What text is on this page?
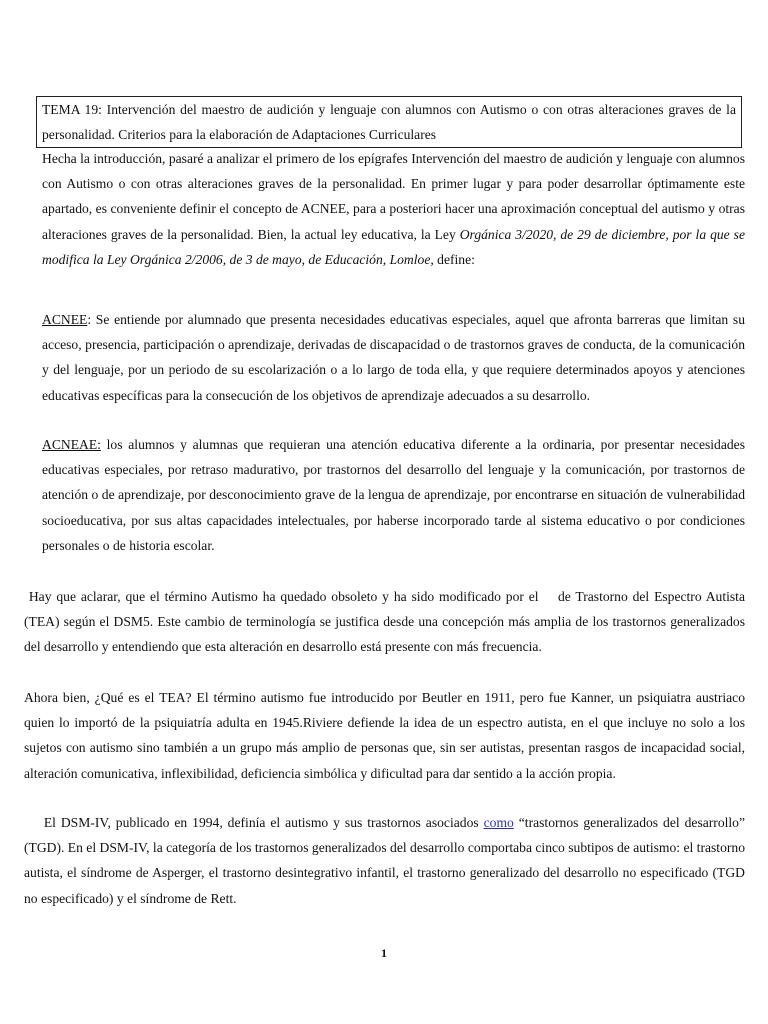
TEMA 19: Intervención del maestro de audición y lenguaje con alumnos con Autismo o con otras alteraciones graves de la personalidad. Criterios para la elaboración de Adaptaciones Curriculares

Hecha la introducción, pasaré a analizar el primero de los epígrafes Intervención del maestro de audición y lenguaje con alumnos con Autismo o con otras alteraciones graves de la personalidad. En primer lugar y para poder desarrollar óptimamente este apartado, es conveniente definir el concepto de ACNEE, para a posteriori hacer una aproximación conceptual del autismo y otras alteraciones graves de la personalidad. Bien, la actual ley educativa, la Ley Orgánica 3/2020, de 29 de diciembre, por la que se modifica la Ley Orgánica 2/2006, de 3 de mayo, de Educación, Lomloe, define:

ACNEE: Se entiende por alumnado que presenta necesidades educativas especiales, aquel que afronta barreras que limitan su acceso, presencia, participación o aprendizaje, derivadas de discapacidad o de trastornos graves de conducta, de la comunicación y del lenguaje, por un periodo de su escolarización o a lo largo de toda ella, y que requiere determinados apoyos y atenciones educativas específicas para la consecución de los objetivos de aprendizaje adecuados a su desarrollo.

ACNEAE: los alumnos y alumnas que requieran una atención educativa diferente a la ordinaria, por presentar necesidades educativas especiales, por retraso madurativo, por trastornos del desarrollo del lenguaje y la comunicación, por trastornos de atención o de aprendizaje, por desconocimiento grave de la lengua de aprendizaje, por encontrarse en situación de vulnerabilidad socioeducativa, por sus altas capacidades intelectuales, por haberse incorporado tarde al sistema educativo o por condiciones personales o de historia escolar.

Hay que aclarar, que el término Autismo ha quedado obsoleto y ha sido modificado por el    de Trastorno del Espectro Autista (TEA) según el DSM5. Este cambio de terminología se justifica desde una concepción más amplia de los trastornos generalizados del desarrollo y entendiendo que esta alteración en desarrollo está presente con más frecuencia.

Ahora bien, ¿Qué es el TEA? El término autismo fue introducido por Beutler en 1911, pero fue Kanner, un psiquiatra austriaco quien lo importó de la psiquiatría adulta en 1945.Riviere defiende la idea de un espectro autista, en el que incluye no solo a los sujetos con autismo sino también a un grupo más amplio de personas que, sin ser autistas, presentan rasgos de incapacidad social, alteración comunicativa, inflexibilidad, deficiencia simbólica y dificultad para dar sentido a la acción propia.

El DSM-IV, publicado en 1994, definía el autismo y sus trastornos asociados como “trastornos generalizados del desarrollo” (TGD). En el DSM-IV, la categoría de los trastornos generalizados del desarrollo comportaba cinco subtipos de autismo: el trastorno autista, el síndrome de Asperger, el trastorno desintegrativo infantil, el trastorno generalizado del desarrollo no especificado (TGD no especificado) y el síndrome de Rett.

1
